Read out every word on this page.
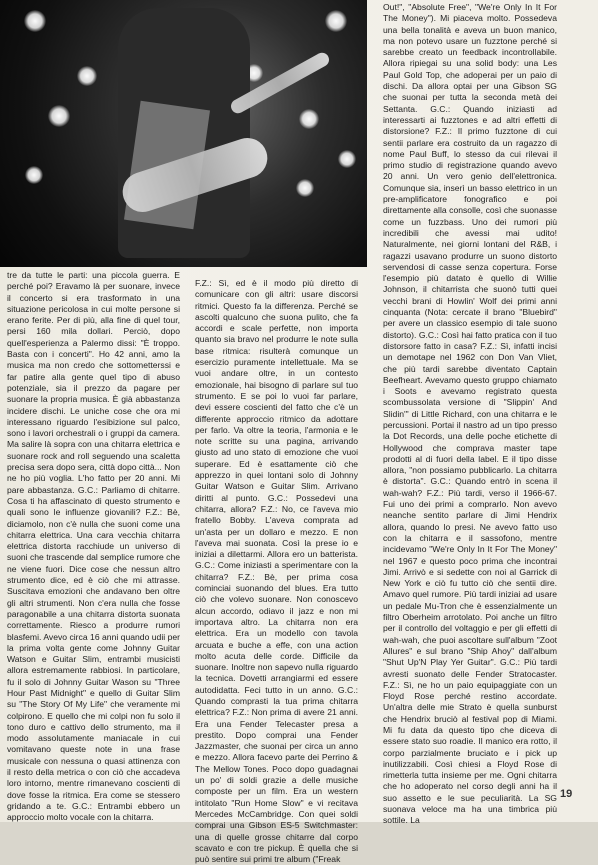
tre da tutte le parti: una piccola guerra. E perché poi? Eravamo là per suonare, invece il concerto si era trasformato in una situazione pericolosa in cui molte persone si erano ferite. Per di più, alla fine di quel tour, persi 160 mila dollari. Perciò, dopo quell'esperienza a Palermo dissi: "È troppo. Basta con i concerti". Ho 42 anni, amo la musica ma non credo che sottometterssi e far patire alla gente quel tipo di abuso potenziale, sia il prezzo da pagare per suonare la propria musica. È già abbastanza incidere dischi. Le uniche cose che ora mi interessano riguardo l'esibizione sul palco, sono i lavori orchestrali o i gruppi da camera. Ma salire là sopra con una chitarra elettrica e suonare rock and roll seguendo una scaletta precisa sera dopo sera, città dopo città... Non ne ho più voglia. L'ho fatto per 20 anni. Mi pare abbastanza. G.C.: Parliamo di chitarre. Cosa ti ha affascinato di questo strumento e quali sono le influenze giovanili? F.Z.: Bè, diciamolo, non c'è nulla che suoni come una chitarra elettrica. Una cara vecchia chitarra elettrica distorta racchiude un universo di suoni che trascende dal semplice rumore che ne viene fuori. Dice cose che nessun altro strumento dice, ed è ciò che mi attrasse. Suscitava emozioni che andavano ben oltre gli altri strumenti. Non c'era nulla che fosse paragonabile a una chitarra distorta suonata correttamente. Riesco a produrre rumori blasfemi. Avevo circa 16 anni quando udii per la prima volta gente come Johnny Guitar Watson e Guitar Slim, entrambi musicisti allora estremamente rabbiosi. In particolare, fu il solo di Johnny Guitar Wason su "Three Hour Past Midnight" e quello di Guitar Slim su "The Story Of My Life" che veramente mi colpirono. E quello che mi colpi non fu solo il tono duro e cattivo dello strumento, ma il modo assolutamente maniacale in cui vomitavano queste note in una frase musicale con nessuna o quasi attinenza con il resto della metrica o con ciò che accadeva loro intorno, mentre rimanevano coscienti di dove fosse la ritmica. Era come se stessero gridando a te. G.C.: Entrambi ebbero un approccio molto vocale con la chitarra.

F.Z.: Sì, ed è il modo più diretto di comunicare con gli altri: usare discorsi ritmici. Questo fa la differenza. Perché se ascolti qualcuno che suona pulito, che fa accordi e scale perfette, non importa quanto sia bravo nel produrre le note sulla base ritmica: risulterà comunque un esercizio puramente intellettuale. Ma se vuoi andare oltre, in un contesto emozionale, hai bisogno di parlare sul tuo strumento. E se poi lo vuoi far parlare, devi essere coscienti del fatto che c'è un differente approccio ritmico da adottare per farlo. Va oltre la teoria, l'armonia e le note scritte su una pagina, arrivando giusto ad uno stato di emozione che vuoi superare. Ed è esattamente ciò che apprezzo in quei lontani solo di Johnny Guitar Watson e Guitar Slim. Arrivano diritti al punto. G.C.: Possedevi una chitarra, allora? F.Z.: No, ce l'aveva mio fratello Bobby. L'aveva comprata ad un'asta per un dollaro e mezzo. E non l'aveva mai suonata. Così la prese io e iniziai a dilettarmi. Allora ero un batterista. G.C.: Come iniziasti a sperimentare con la chitarra? F.Z.: Bè, per prima cosa cominciai suonando del blues. Era tutto ciò che volevo suonare. Non conoscevo alcun accordo, odiavo il jazz e non mi importava altro. La chitarra non era elettrica. Era un modello con tavola arcuata e buche a effe, con una action molto acuta delle corde. Difficile da suonare. Inoltre non sapevo nulla riguardo la tecnica. Dovetti arrangiarmi ed essere autodidatta. Feci tutto in un anno. G.C.: Quando comprasti la tua prima chitarra elettrica? F.Z.: Non prima di avere 21 anni. Era una Fender Telecaster presa a prestito. Dopo comprai una Fender Jazzmaster, che suonai per circa un anno e mezzo. Allora facevo parte dei Perrino & The Mellow Tones. Poco dopo guadagnai un po' di soldi grazie a delle musiche composte per un film. Era un western intitolato "Run Home Slow" e vi recitava Mercedes McCambridge. Con quei soldi comprai una Gibson ES-5 Switchmaster: una di quelle grosse chitarre dal corpo scavato e con tre pickup. È quella che si può sentire sui primi tre album ("Freak

Out!", "Absolute Free", "We're Only In It For The Money"). Mi piaceva molto. Possedeva una bella tonalità e aveva un buon manico, ma non potevo usare un fuzztone perché si sarebbe creato un feedback incontrollabile. Allora ripiegai su una solid body: una Les Paul Gold Top, che adoperai per un paio di dischi. Da allora optai per una Gibson SG che suonai per tutta la seconda metà dei Settanta. G.C.: Quando iniziasti ad interessarti ai fuzztones e ad altri effetti di distorsione? F.Z.: Il primo fuzztone di cui sentii parlare era costruito da un ragazzo di nome Paul Buff, lo stesso da cui rilevai il primo studio di registrazione quando avevo 20 anni. Un vero genio dell'elettronica. Comunque sia, inserì un basso elettrico in un pre-amplificatore fonografico e poi direttamente alla consolle, così che suonasse come un fuzzbass. Uno dei rumori più incredibili che avessi mai udito! Naturalmente, nei giorni lontani del R&B, i ragazzi usavano produrre un suono distorto servendosi di casse senza copertura. Forse l'esempio più datato è quello di Willie Johnson, il chitarrista che suonò tutti quei vecchi brani di Howlin' Wolf dei primi anni cinquanta (Nota: cercate il brano "Bluebird" per avere un classico esempio di tale suono distorto). G.C.: Così hai fatto pratica con il tuo distorsore fatto in casa? F.Z.: Sì, infatti incisi un demotape nel 1962 con Don Van Vliet, che più tardi sarebbe diventato Captain Beefheart. Avevamo questo gruppo chiamato i Soots e avevamo registrato questa scombussolata versione di "Slippin' And Slidin'" di Little Richard, con una chitarra e le percussioni. Portai il nastro ad un tipo presso la Dot Records, una delle poche etichette di Hollywood che comprava master tape prodotti al di fuori della label. E il tipo disse allora, "non possiamo pubblicarlo. La chitarra è distorta". G.C.: Quando entrò in scena il wah-wah? F.Z.: Più tardi, verso il 1966-67. Fui uno dei primi a comprarlo. Non avevo neanche sentito parlare di Jimi Hendrix allora, quando lo presi. Ne avevo fatto uso con la chitarra e il sassofono, mentre incidevamo "We're Only In It For The Money" nel 1967 e questo poco prima che incontrai Jimi. Arrivò e si sedette con noi al Garrick di New York e ciò fu tutto ciò che sentii dire. Amavo quel rumore. Più tardi iniziai ad usare un pedale Mu-Tron che è essenzialmente un filtro Oberheim arrotolato. Poi anche un filtro per il controllo del voltaggio e per gli effetti di wah-wah, che puoi ascoltare sull'album "Zoot Allures" e sul brano "Ship Ahoy" dall'album "Shut Up'N Play Yer Guitar". G.C.: Più tardi avresti suonato delle Fender Stratocaster. F.Z.: Sì, ne ho un paio equipaggiate con un Floyd Rose perché restino accordate. Un'altra delle mie Strato è quella sunburst che Hendrix bruciò al festival pop di Miami. Mi fu data da questo tipo che diceva di essere stato suo roadie. Il manico era rotto, il corpo parzialmente bruciato e i pick up inutilizzabili. Così chiesi a Floyd Rose di rimetterla tutta insieme per me. Ogni chitarra che ho adoperato nel corso degli anni ha il suo assetto e le sue peculiarità. La SG suonava veloce ma ha una timbrica più sottile. La

19
